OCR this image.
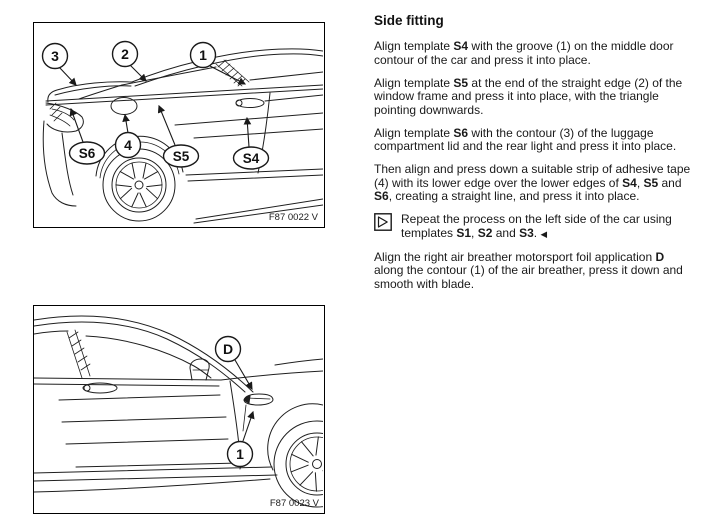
3	2	1
4
S6	S5	S4
F87 0022 V
D
1
F87 0023 V
Side fitting
Align template S4 with the groove (1) on the middle door contour of the car and press it into place.
Align template S5 at the end of the straight edge (2) of the window frame and press it into place, with the triangle pointing downwards.
Align template S6 with the contour (3) of the luggage compartment lid and the rear light and press it into place.
Then align and press down a suitable strip of adhesive tape (4) with its lower edge over the lower edges of S4, S5 and S6, creating a straight line, and press it into place.
Repeat the process on the left side of the car using templates S1, S2 and S3. ◀
Align the right air breather motorsport foil application D along the contour (1) of the air breather, press it down and smooth with blade.
